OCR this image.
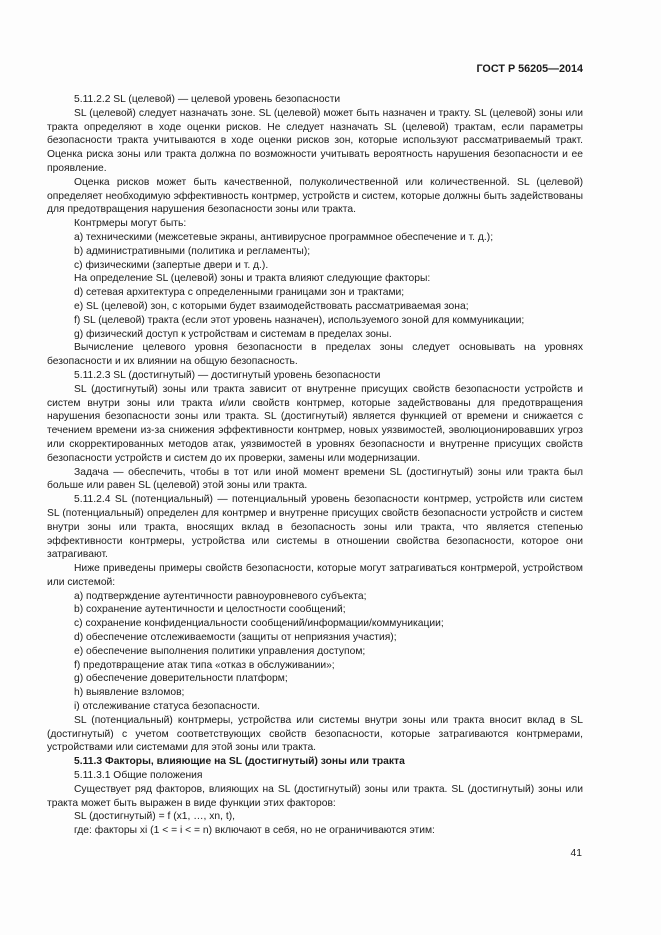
ГОСТ Р 56205—2014

5.11.2.2 SL (целевой) — целевой уровень безопасности

SL (целевой) следует назначать зоне. SL (целевой) может быть назначен и тракту. SL (целевой) зоны или тракта определяют в ходе оценки рисков. Не следует назначать SL (целевой) трактам, если параметры безопасности тракта учитываются в ходе оценки рисков зон, которые используют рассматриваемый тракт. Оценка риска зоны или тракта должна по возможности учитывать вероятность нарушения безопасности и ее проявление.

Оценка рисков может быть качественной, полуколичественной или количественной. SL (целевой) определяет необходимую эффективность контрмер, устройств и систем, которые должны быть задействованы для предотвращения нарушения безопасности зоны или тракта.

Контрмеры могут быть:

а) техническими (межсетевые экраны, антивирусное программное обеспечение и т. д.);

b) административными (политика и регламенты);

с) физическими (запертые двери и т. д.).

На определение SL (целевой) зоны и тракта влияют следующие факторы:

d) сетевая архитектура с определенными границами зон и трактами;

е) SL (целевой) зон, с которыми будет взаимодействовать рассматриваемая зона;

f) SL (целевой) тракта (если этот уровень назначен), используемого зоной для коммуникации;

g) физический доступ к устройствам и системам в пределах зоны.

Вычисление целевого уровня безопасности в пределах зоны следует основывать на уровнях безопасности и их влиянии на общую безопасность.

5.11.2.3 SL (достигнутый) — достигнутый уровень безопасности

SL (достигнутый) зоны или тракта зависит от внутренне присущих свойств безопасности устройств и систем внутри зоны или тракта и/или свойств контрмер, которые задействованы для предотвращения нарушения безопасности зоны или тракта. SL (достигнутый) является функцией от времени и снижается с течением времени из-за снижения эффективности контрмер, новых уязвимостей, эволюционировавших угроз или скорректированных методов атак, уязвимостей в уровнях безопасности и внутренне присущих свойств безопасности устройств и систем до их проверки, замены или модернизации.

Задача — обеспечить, чтобы в тот или иной момент времени SL (достигнутый) зоны или тракта был больше или равен SL (целевой) этой зоны или тракта.

5.11.2.4 SL (потенциальный) — потенциальный уровень безопасности контрмер, устройств или систем SL (потенциальный) определен для контрмер и внутренне присущих свойств безопасности устройств и систем внутри зоны или тракта, вносящих вклад в безопасность зоны или тракта, что является степенью эффективности контрмеры, устройства или системы в отношении свойства безопасности, которое они затрагивают.

Ниже приведены примеры свойств безопасности, которые могут затрагиваться контрмерой, устройством или системой:

а) подтверждение аутентичности равноуровневого субъекта;

b) сохранение аутентичности и целостности сообщений;

с) сохранение конфиденциальности сообщений/информации/коммуникации;

d) обеспечение отслеживаемости (защиты от неприязния участия);

е) обеспечение выполнения политики управления доступом;

f) предотвращение атак типа «отказ в обслуживании»;

g) обеспечение доверительности платформ;

h) выявление взломов;

i) отслеживание статуса безопасности.

SL (потенциальный) контрмеры, устройства или системы внутри зоны или тракта вносит вклад в SL (достигнутый) с учетом соответствующих свойств безопасности, которые затрагиваются контрмерами, устройствами или системами для этой зоны или тракта.

5.11.3 Факторы, влияющие на SL (достигнутый) зоны или тракта

5.11.3.1 Общие положения

Существует ряд факторов, влияющих на SL (достигнутый) зоны или тракта. SL (достигнутый) зоны или тракта может быть выражен в виде функции этих факторов:

SL (достигнутый) = f (x1, …, xn, t),

где: факторы xi (1 < = i < = n) включают в себя, но не ограничиваются этим:

41
